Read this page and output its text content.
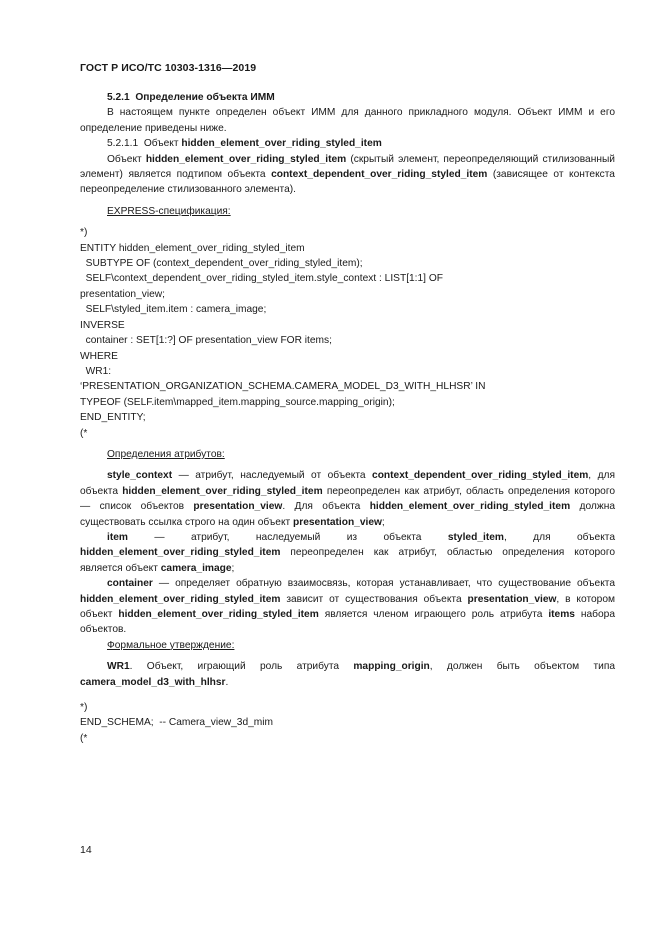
ГОСТ Р ИСО/ТС 10303-1316—2019
5.2.1 Определение объекта ИММ

В настоящем пункте определен объект ИММ для данного прикладного модуля. Объект ИММ и его определение приведены ниже.

5.2.1.1 Объект hidden_element_over_riding_styled_item

Объект hidden_element_over_riding_styled_item (скрытый элемент, переопределяющий стилизованный элемент) является подтипом объекта context_dependent_over_riding_styled_item (зависящее от контекста переопределение стилизованного элемента).

EXPRESS-спецификация:
*)
ENTITY hidden_element_over_riding_styled_item
SUBTYPE OF (context_dependent_over_riding_styled_item);
SELF\context_dependent_over_riding_styled_item.style_context : LIST[1:1] OF
presentation_view;
SELF\styled_item.item : camera_image;
INVERSE
container : SET[1:?] OF presentation_view FOR items;
WHERE
WR1:
‘PRESENTATION_ORGANIZATION_SCHEMA.CAMERA_MODEL_D3_WITH_HLHSR’ IN
TYPEOF (SELF.item\mapped_item.mapping_source.mapping_origin);
END_ENTITY;
(*
Определения атрибутов:

style_context — атрибут, наследуемый от объекта context_dependent_over_riding_styled_item, для объекта hidden_element_over_riding_styled_item переопределен как атрибут, область определения которого — список объектов presentation_view. Для объекта hidden_element_over_riding_styled_item должна существовать ссылка строго на один объект presentation_view;

item — атрибут, наследуемый из объекта styled_item, для объекта hidden_element_over_riding_styled_item переопределен как атрибут, областью определения которого является объект camera_image;

container — определяет обратную взаимосвязь, которая устанавливает, что существование объекта hidden_element_over_riding_styled_item зависит от существования объекта presentation_view, в котором объект hidden_element_over_riding_styled_item является членом играющего роль атрибута items набора объектов.

Формальное утверждение:

WR1. Объект, играющий роль атрибута mapping_origin, должен быть объектом типа camera_model_d3_with_hlhsr.

*)
END_SCHEMA;  -- Camera_view_3d_mim
(*
14
